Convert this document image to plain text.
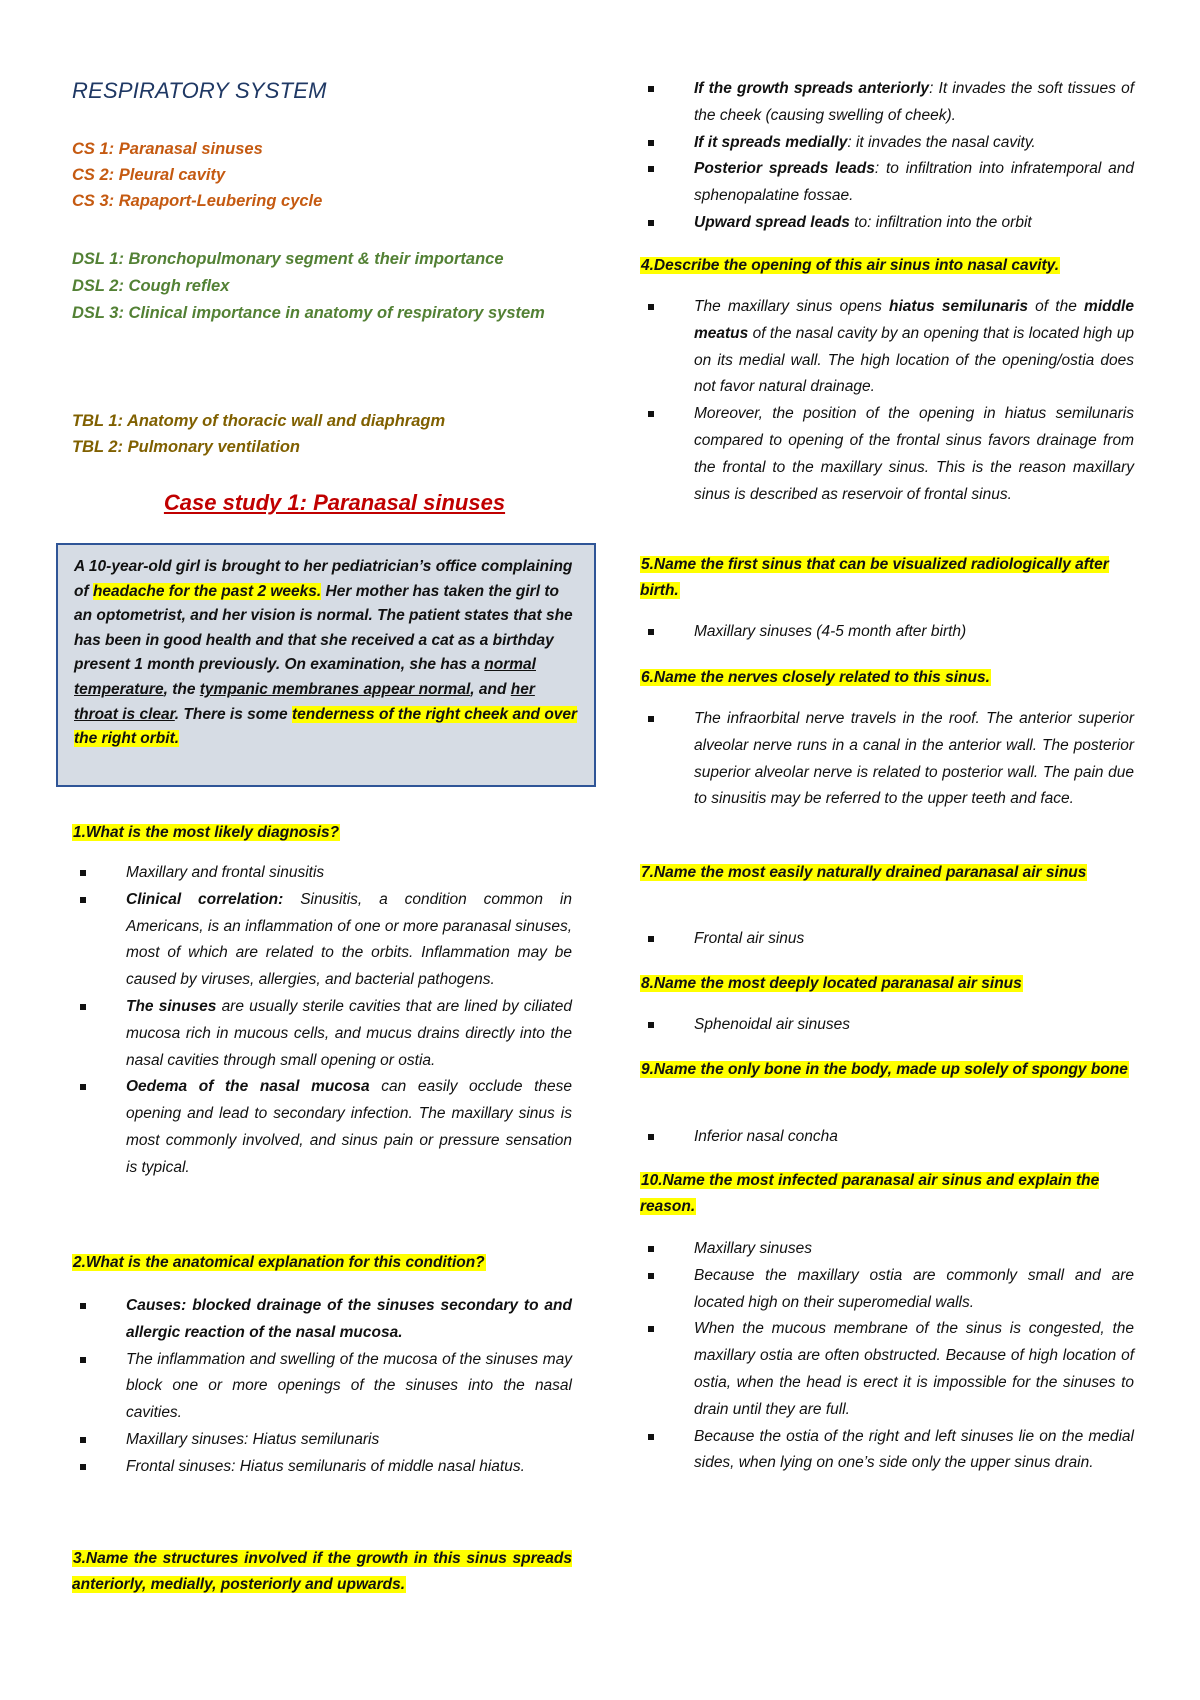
RESPIRATORY SYSTEM
CS 1: Paranasal sinuses
CS 2: Pleural cavity
CS 3: Rapaport-Leubering cycle
DSL 1: Bronchopulmonary segment & their importance
DSL 2: Cough reflex
DSL 3: Clinical importance in anatomy of respiratory system
TBL 1: Anatomy of thoracic wall and diaphragm
TBL 2: Pulmonary ventilation
Case study 1: Paranasal sinuses
A 10-year-old girl is brought to her pediatrician’s office complaining of headache for the past 2 weeks. Her mother has taken the girl to an optometrist, and her vision is normal. The patient states that she has been in good health and that she received a cat as a birthday present 1 month previously. On examination, she has a normal temperature, the tympanic membranes appear normal, and her throat is clear. There is some tenderness of the right cheek and over the right orbit.
1.What is the most likely diagnosis?
Maxillary and frontal sinusitis
Clinical correlation: Sinusitis, a condition common in Americans, is an inflammation of one or more paranasal sinuses, most of which are related to the orbits. Inflammation may be caused by viruses, allergies, and bacterial pathogens.
The sinuses are usually sterile cavities that are lined by ciliated mucosa rich in mucous cells, and mucus drains directly into the nasal cavities through small opening or ostia.
Oedema of the nasal mucosa can easily occlude these opening and lead to secondary infection. The maxillary sinus is most commonly involved, and sinus pain or pressure sensation is typical.
2.What is the anatomical explanation for this condition?
Causes: blocked drainage of the sinuses secondary to and allergic reaction of the nasal mucosa.
The inflammation and swelling of the mucosa of the sinuses may block one or more openings of the sinuses into the nasal cavities.
Maxillary sinuses: Hiatus semilunaris
Frontal sinuses: Hiatus semilunaris of middle nasal hiatus.
3.Name the structures involved if the growth in this sinus spreads anteriorly, medially, posteriorly and upwards.
If the growth spreads anteriorly: It invades the soft tissues of the cheek (causing swelling of cheek).
If it spreads medially: it invades the nasal cavity.
Posterior spreads leads: to infiltration into infratemporal and sphenopalatine fossae.
Upward spread leads to: infiltration into the orbit
4.Describe the opening of this air sinus into nasal cavity.
The maxillary sinus opens hiatus semilunaris of the middle meatus of the nasal cavity by an opening that is located high up on its medial wall. The high location of the opening/ostia does not favor natural drainage.
Moreover, the position of the opening in hiatus semilunaris compared to opening of the frontal sinus favors drainage from the frontal to the maxillary sinus. This is the reason maxillary sinus is described as reservoir of frontal sinus.
5.Name the first sinus that can be visualized radiologically after birth.
Maxillary sinuses (4-5 month after birth)
6.Name the nerves closely related to this sinus.
The infraorbital nerve travels in the roof. The anterior superior alveolar nerve runs in a canal in the anterior wall. The posterior superior alveolar nerve is related to posterior wall. The pain due to sinusitis may be referred to the upper teeth and face.
7.Name the most easily naturally drained paranasal air sinus
Frontal air sinus
8.Name the most deeply located paranasal air sinus
Sphenoidal air sinuses
9.Name the only bone in the body, made up solely of spongy bone
Inferior nasal concha
10.Name the most infected paranasal air sinus and explain the reason.
Maxillary sinuses
Because the maxillary ostia are commonly small and are located high on their superomedial walls.
When the mucous membrane of the sinus is congested, the maxillary ostia are often obstructed. Because of high location of ostia, when the head is erect it is impossible for the sinuses to drain until they are full.
Because the ostia of the right and left sinuses lie on the medial sides, when lying on one’s side only the upper sinus drain.
